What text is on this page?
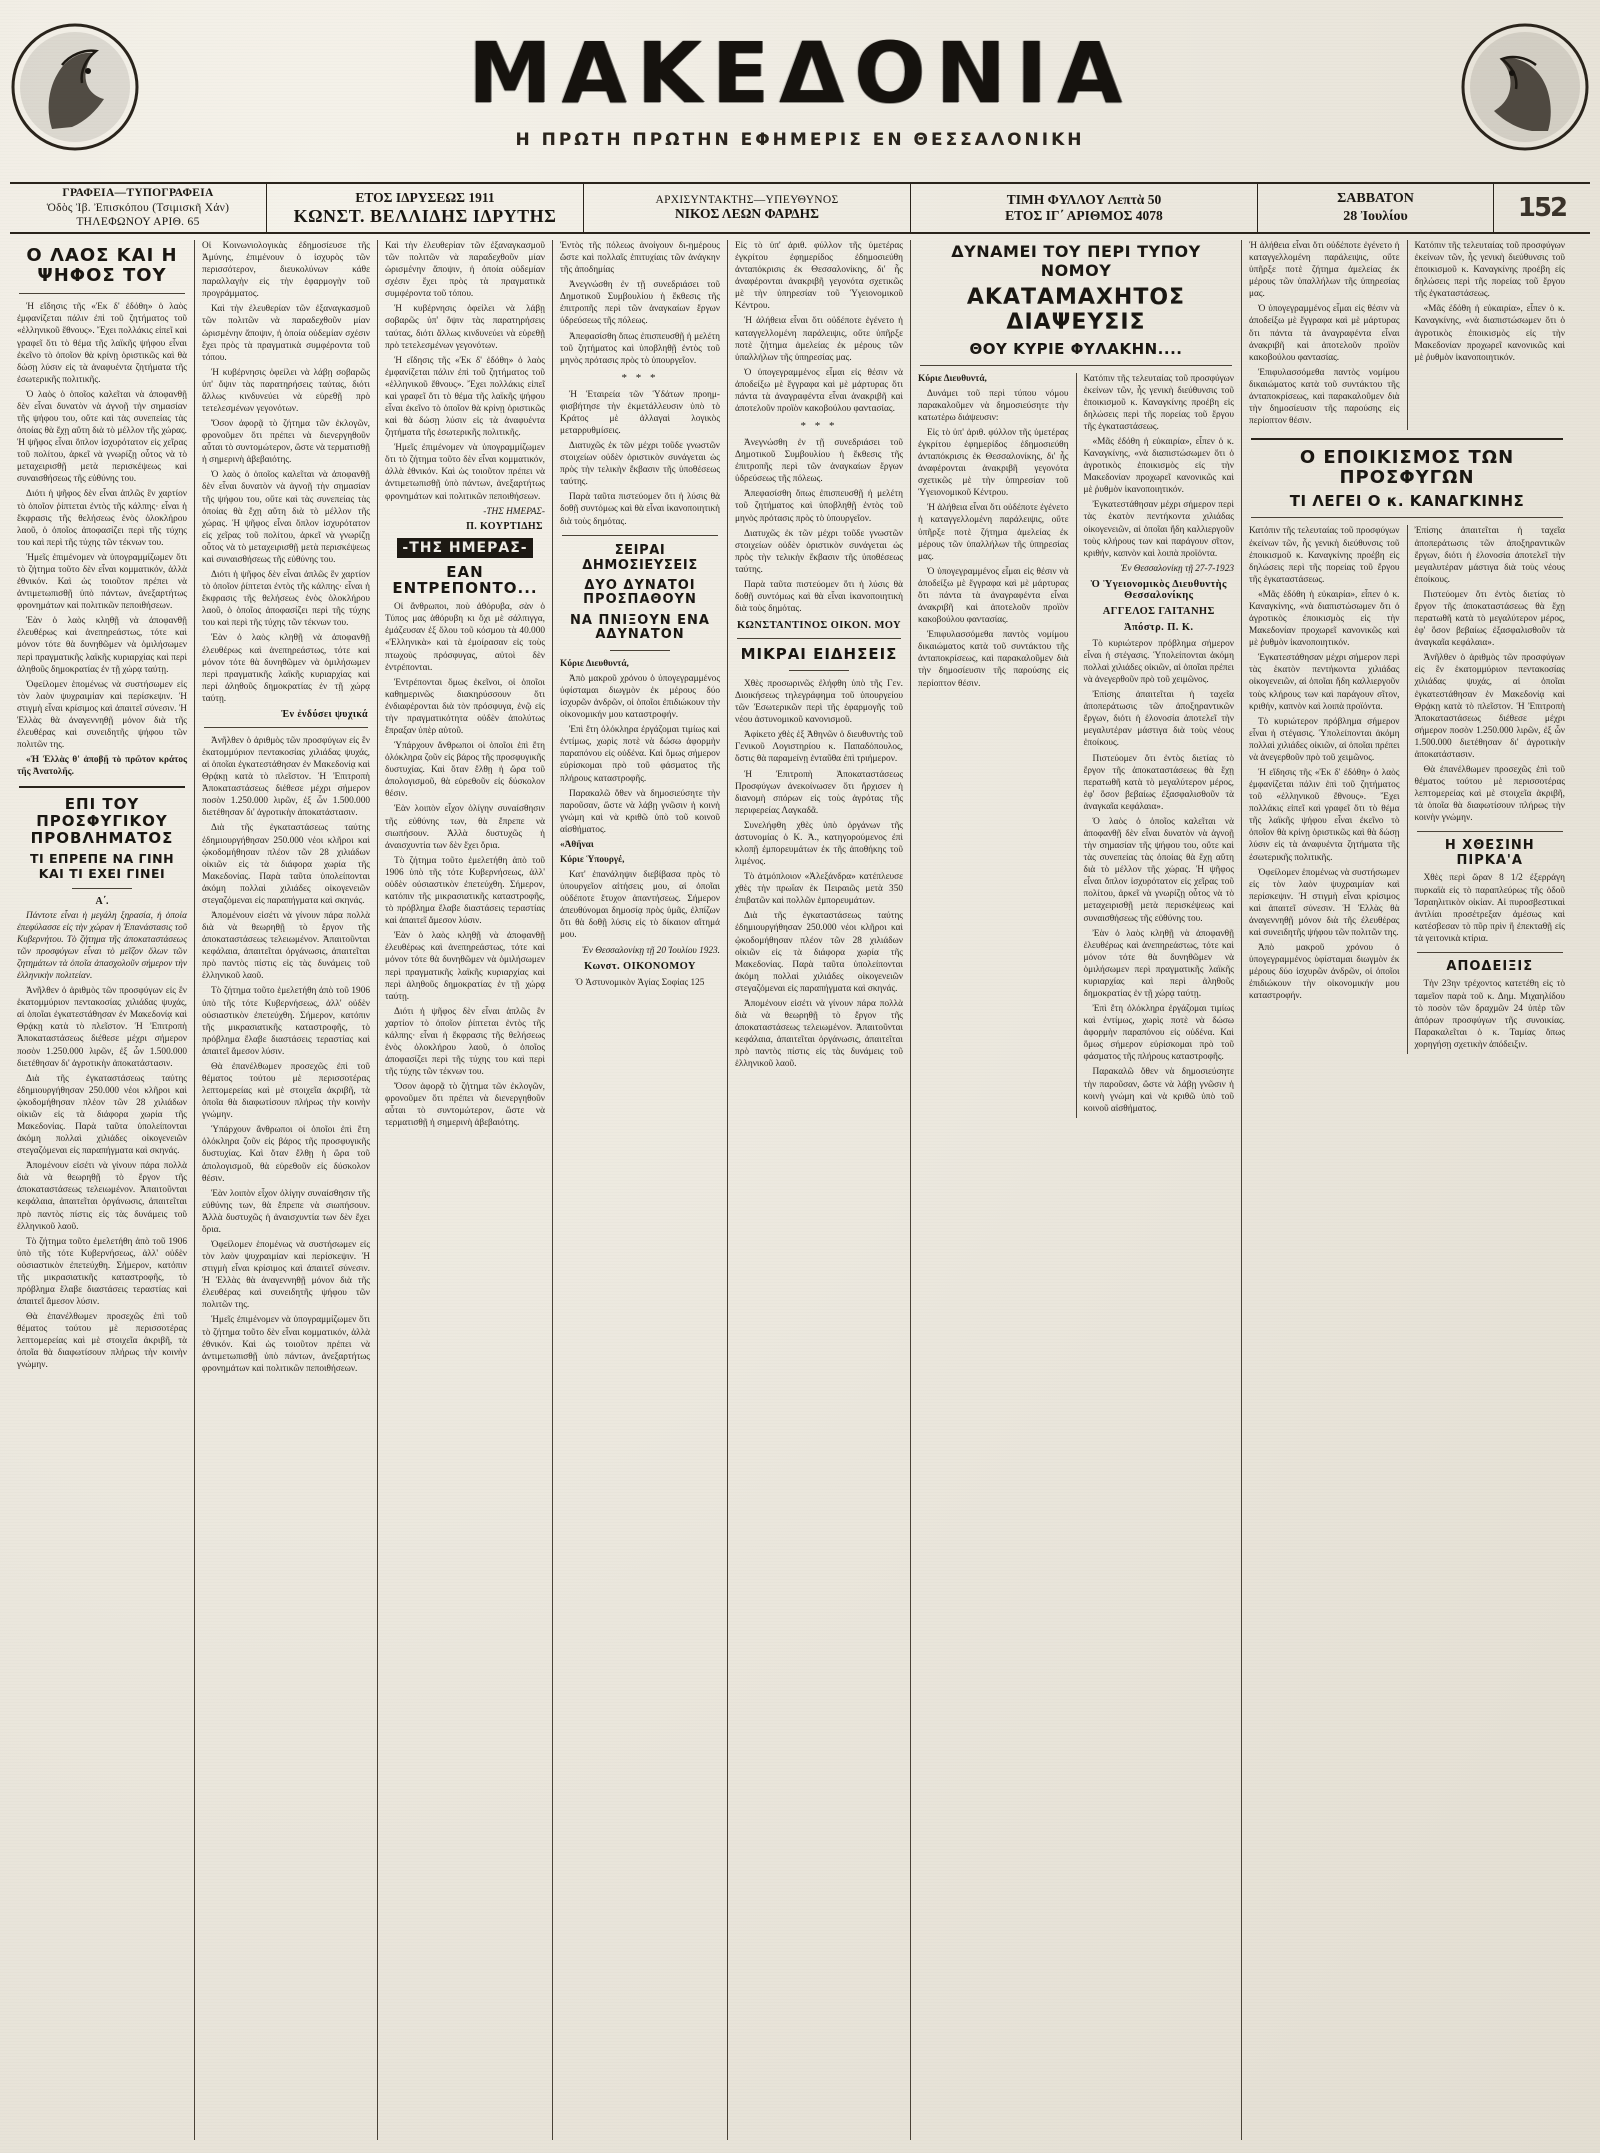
ΜΑΚΕΔΟΝΙΑ
Η ΠΡΩΤΗ ΠΡΩΤΗΝ ΕΦΗΜΕΡΙΣ ΕΝ ΘΕΣΣΑΛΟΝΙΚΗ
ΓΡΑΦΕΙΑ—ΤΥΠΟΓΡΑΦΕΙΑ
Ὁδὸς Ἰβ. Ἐπισκόπου (Τσιμισκῆ Χάν)
ΤΗΛΕΦΩΝΟΥ ΑΡΙΘ. 65
ΕΤΟΣ ΙΔΡΥΣΕΩΣ 1911
ΚΩΝΣΤ. ΒΕΛΛΙΔΗΣ ΙΔΡΥΤΗΣ
ΑΡΧΙΣΥΝΤΑΚΤΗΣ—ΥΠΕΥΘΥΝΟΣ
ΝΙΚΟΣ ΛΕΩΝ ΦΑΡΔΗΣ
ΤΙΜΗ ΦΥΛΛΟΥ Λεπτὰ 50
ΕΤΟΣ ΙΓ΄ ΑΡΙΘΜΟΣ 4078
ΣΑΒΒΑΤΟΝ
28 Ἰουλίου	152
Ο ΛΑΟΣ ΚΑΙ Η ΨΗΦΟΣ ΤΟΥ

Ἡ εἴδησις τῆς «Ἐκ δ' ἐδόθη» ὁ λαὸς ἐμφανίζεται πάλιν ἐπὶ τοῦ ζητήματος τοῦ «ἑλληνικοῦ ἔθνους». Ἔχει πολλάκις εἰπεῖ καὶ γραφεῖ ὅτι τὸ θέμα τῆς λαϊκῆς ψήφου εἶναι ἐκεῖνο τὸ ὁποῖον θὰ κρίνῃ ὁριστικῶς καὶ θὰ δώσῃ λύσιν εἰς τὰ ἀναφυέντα ζητήματα τῆς ἐσωτερικῆς πολιτικῆς.

Ὁ λαὸς ὁ ὁποῖος καλεῖται νὰ ἀποφανθῇ δὲν εἶναι δυνατὸν νὰ ἀγνοῇ τὴν σημασίαν τῆς ψήφου του, οὔτε καὶ τὰς συνεπείας τὰς ὁποίας θὰ ἔχῃ αὕτη διὰ τὸ μέλλον τῆς χώρας. Ἡ ψῆφος εἶναι ὅπλον ἰσχυρότατον εἰς χεῖρας τοῦ πολίτου, ἀρκεῖ νὰ γνωρίζῃ οὗτος νὰ τὸ μεταχειρισθῇ μετὰ περισκέψεως καὶ συναισθήσεως τῆς εὐθύνης του.

Διότι ἡ ψῆφος δὲν εἶναι ἁπλῶς ἓν χαρτίον τὸ ὁποῖον ῥίπτεται ἐντὸς τῆς κάλπης· εἶναι ἡ ἔκφρασις τῆς θελήσεως ἑνὸς ὁλοκλήρου λαοῦ, ὁ ὁποῖος ἀποφασίζει περὶ τῆς τύχης του καὶ περὶ τῆς τύχης τῶν τέκνων του.

Ἡμεῖς ἐπιμένομεν νὰ ὑπογραμμίζωμεν ὅτι τὸ ζήτημα τοῦτο δὲν εἶναι κομματικόν, ἀλλὰ ἐθνικόν. Καὶ ὡς τοιοῦτον πρέπει νὰ ἀντιμετωπισθῇ ὑπὸ πάντων, ἀνεξαρτήτως φρονημάτων καὶ πολιτικῶν πεποιθήσεων.

Ἐὰν ὁ λαὸς κληθῇ νὰ ἀποφανθῇ ἐλευθέρως καὶ ἀνεπηρεάστως, τότε καὶ μόνον τότε θὰ δυνηθῶμεν νὰ ὁμιλήσωμεν περὶ πραγματικῆς λαϊκῆς κυριαρχίας καὶ περὶ ἀληθοῦς δημοκρατίας ἐν τῇ χώρᾳ ταύτῃ.

Ὀφείλομεν ἑπομένως νὰ συστήσωμεν εἰς τὸν λαὸν ψυχραιμίαν καὶ περίσκεψιν. Ἡ στιγμὴ εἶναι κρίσιμος καὶ ἀπαιτεῖ σύνεσιν. Ἡ Ἑλλὰς θὰ ἀναγεννηθῇ μόνον διὰ τῆς ἐλευθέρας καὶ συνειδητῆς ψήφου τῶν πολιτῶν της.

«Ἡ Ἑλλὰς θ' ἀποβῇ τὸ πρῶτον κράτος τῆς Ἀνατολῆς.

ΕΠΙ ΤΟΥ ΠΡΟΣΦΥΓΙΚΟΥ ΠΡΟΒΛΗΜΑΤΟΣ
ΤΙ ΕΠΡΕΠΕ ΝΑ ΓΙΝΗ ΚΑΙ ΤΙ ΕΧΕΙ ΓΙΝΕΙ
Α΄.

Πάντοτε εἶναι ἡ μεγάλη ξηρασία, ἡ ὁποία ἐπεφύλασσε εἰς τὴν χώραν ἡ Ἐπανάστασις τοῦ Κυβερνήτου. Τὸ ζήτημα τῆς ἀποκαταστάσεως τῶν προσφύγων εἶναι τὸ μεῖζον ὅλων τῶν ζητημάτων τὰ ὁποῖα ἀπασχολοῦν σήμερον τὴν ἑλληνικὴν πολιτείαν.

Ἀνῆλθεν ὁ ἀριθμὸς τῶν προσφύγων εἰς ἓν ἑκατομμύριον πεντακοσίας χιλιάδας ψυχάς, αἱ ὁποῖαι ἐγκατεστάθησαν ἐν Μακεδονίᾳ καὶ Θρᾴκῃ κατὰ τὸ πλεῖστον. Ἡ Ἐπιτροπὴ Ἀποκαταστάσεως διέθεσε μέχρι σήμερον ποσὸν 1.250.000 λιρῶν, ἐξ ὧν 1.500.000 διετέθησαν δι' ἀγροτικὴν ἀποκατάστασιν.

Διὰ τῆς ἐγκαταστάσεως ταύτης ἐδημιουργήθησαν 250.000 νέοι κλῆροι καὶ ᾠκοδομήθησαν πλέον τῶν 28 χιλιάδων οἰκιῶν εἰς τὰ διάφορα χωρία τῆς Μακεδονίας. Παρὰ ταῦτα ὑπολείπονται ἀκόμη πολλαὶ χιλιάδες οἰκογενειῶν στεγαζόμεναι εἰς παραπήγματα καὶ σκηνάς.

Ἀπομένουν εἰσέτι νὰ γίνουν πάρα πολλὰ διὰ νὰ θεωρηθῇ τὸ ἔργον τῆς ἀποκαταστάσεως τελειωμένον. Ἀπαιτοῦνται κεφάλαια, ἀπαιτεῖται ὀργάνωσις, ἀπαιτεῖται πρὸ παντὸς πίστις εἰς τὰς δυνάμεις τοῦ ἑλληνικοῦ λαοῦ.

Τὸ ζήτημα τοῦτο ἐμελετήθη ἀπὸ τοῦ 1906 ὑπὸ τῆς τότε Κυβερνήσεως, ἀλλ' οὐδὲν οὐσιαστικὸν ἐπετεύχθη. Σήμερον, κατόπιν τῆς μικρασιατικῆς καταστροφῆς, τὸ πρόβλημα ἔλαβε διαστάσεις τεραστίας καὶ ἀπαιτεῖ ἄμεσον λύσιν.

Θὰ ἐπανέλθωμεν προσεχῶς ἐπὶ τοῦ θέματος τούτου μὲ περισσοτέρας λεπτομερείας καὶ μὲ στοιχεῖα ἀκριβῆ, τὰ ὁποῖα θὰ διαφωτίσουν πλήρως τὴν κοινὴν γνώμην.

Οἱ Κοινωνιολογικὰς ἐδημοσίευσε τῆς Ἀμύνης, ἐπιμένουν ὁ ἰσχυρὸς τῶν περισσότερον, διευκολύνων κάθε παραλλαγὴν εἰς τὴν ἐφαρμογὴν τοῦ προγράμματος.

Καὶ τὴν ἐλευθερίαν τῶν ἐξαναγκασμοῦ τῶν πολιτῶν νὰ παραδεχθοῦν μίαν ὡρισμένην ἄποψιν, ἡ ὁποία οὐδεμίαν σχέσιν ἔχει πρὸς τὰ πραγματικὰ συμφέροντα τοῦ τόπου.

Ἡ κυβέρνησις ὀφείλει νὰ λάβῃ σοβαρῶς ὑπ' ὄψιν τὰς παρατηρήσεις ταύτας, διότι ἄλλως κινδυνεύει νὰ εὑρεθῇ πρὸ τετελεσμένων γεγονότων.

Ὅσον ἀφορᾷ τὸ ζήτημα τῶν ἐκλογῶν, φρονοῦμεν ὅτι πρέπει νὰ διενεργηθοῦν αὗται τὸ συντομώτερον, ὥστε νὰ τερματισθῇ ἡ σημερινὴ ἀβεβαιότης.

Ὁ λαὸς ὁ ὁποῖος καλεῖται νὰ ἀποφανθῇ δὲν εἶναι δυνατὸν νὰ ἀγνοῇ τὴν σημασίαν τῆς ψήφου του, οὔτε καὶ τὰς συνεπείας τὰς ὁποίας θὰ ἔχῃ αὕτη διὰ τὸ μέλλον τῆς χώρας. Ἡ ψῆφος εἶναι ὅπλον ἰσχυρότατον εἰς χεῖρας τοῦ πολίτου, ἀρκεῖ νὰ γνωρίζῃ οὗτος νὰ τὸ μεταχειρισθῇ μετὰ περισκέψεως καὶ συναισθήσεως τῆς εὐθύνης του.

Διότι ἡ ψῆφος δὲν εἶναι ἁπλῶς ἓν χαρτίον τὸ ὁποῖον ῥίπτεται ἐντὸς τῆς κάλπης· εἶναι ἡ ἔκφρασις τῆς θελήσεως ἑνὸς ὁλοκλήρου λαοῦ, ὁ ὁποῖος ἀποφασίζει περὶ τῆς τύχης του καὶ περὶ τῆς τύχης τῶν τέκνων του.

Ἐὰν ὁ λαὸς κληθῇ νὰ ἀποφανθῇ ἐλευθέρως καὶ ἀνεπηρεάστως, τότε καὶ μόνον τότε θὰ δυνηθῶμεν νὰ ὁμιλήσωμεν περὶ πραγματικῆς λαϊκῆς κυριαρχίας καὶ περὶ ἀληθοῦς δημοκρατίας ἐν τῇ χώρᾳ ταύτῃ.

Ἐν ἐνδύσει ψυχικά

Ἀνῆλθεν ὁ ἀριθμὸς τῶν προσφύγων εἰς ἓν ἑκατομμύριον πεντακοσίας χιλιάδας ψυχάς, αἱ ὁποῖαι ἐγκατεστάθησαν ἐν Μακεδονίᾳ καὶ Θρᾴκῃ κατὰ τὸ πλεῖστον. Ἡ Ἐπιτροπὴ Ἀποκαταστάσεως διέθεσε μέχρι σήμερον ποσὸν 1.250.000 λιρῶν, ἐξ ὧν 1.500.000 διετέθησαν δι' ἀγροτικὴν ἀποκατάστασιν.

Διὰ τῆς ἐγκαταστάσεως ταύτης ἐδημιουργήθησαν 250.000 νέοι κλῆροι καὶ ᾠκοδομήθησαν πλέον τῶν 28 χιλιάδων οἰκιῶν εἰς τὰ διάφορα χωρία τῆς Μακεδονίας. Παρὰ ταῦτα ὑπολείπονται ἀκόμη πολλαὶ χιλιάδες οἰκογενειῶν στεγαζόμεναι εἰς παραπήγματα καὶ σκηνάς.

Ἀπομένουν εἰσέτι νὰ γίνουν πάρα πολλὰ διὰ νὰ θεωρηθῇ τὸ ἔργον τῆς ἀποκαταστάσεως τελειωμένον. Ἀπαιτοῦνται κεφάλαια, ἀπαιτεῖται ὀργάνωσις, ἀπαιτεῖται πρὸ παντὸς πίστις εἰς τὰς δυνάμεις τοῦ ἑλληνικοῦ λαοῦ.

Τὸ ζήτημα τοῦτο ἐμελετήθη ἀπὸ τοῦ 1906 ὑπὸ τῆς τότε Κυβερνήσεως, ἀλλ' οὐδὲν οὐσιαστικὸν ἐπετεύχθη. Σήμερον, κατόπιν τῆς μικρασιατικῆς καταστροφῆς, τὸ πρόβλημα ἔλαβε διαστάσεις τεραστίας καὶ ἀπαιτεῖ ἄμεσον λύσιν.

Θὰ ἐπανέλθωμεν προσεχῶς ἐπὶ τοῦ θέματος τούτου μὲ περισσοτέρας λεπτομερείας καὶ μὲ στοιχεῖα ἀκριβῆ, τὰ ὁποῖα θὰ διαφωτίσουν πλήρως τὴν κοινὴν γνώμην.

Ὑπάρχουν ἄνθρωποι οἱ ὁποῖοι ἐπὶ ἔτη ὁλόκληρα ζοῦν εἰς βάρος τῆς προσφυγικῆς δυστυχίας. Καὶ ὅταν ἔλθῃ ἡ ὥρα τοῦ ἀπολογισμοῦ, θὰ εὑρεθοῦν εἰς δύσκολον θέσιν.

Ἐὰν λοιπὸν εἶχον ὀλίγην συναίσθησιν τῆς εὐθύνης των, θὰ ἔπρεπε νὰ σιωπήσουν. Ἀλλὰ δυστυχῶς ἡ ἀναισχυντία των δὲν ἔχει ὅρια.

Ὀφείλομεν ἑπομένως νὰ συστήσωμεν εἰς τὸν λαὸν ψυχραιμίαν καὶ περίσκεψιν. Ἡ στιγμὴ εἶναι κρίσιμος καὶ ἀπαιτεῖ σύνεσιν. Ἡ Ἑλλὰς θὰ ἀναγεννηθῇ μόνον διὰ τῆς ἐλευθέρας καὶ συνειδητῆς ψήφου τῶν πολιτῶν της.

Ἡμεῖς ἐπιμένομεν νὰ ὑπογραμμίζωμεν ὅτι τὸ ζήτημα τοῦτο δὲν εἶναι κομματικόν, ἀλλὰ ἐθνικόν. Καὶ ὡς τοιοῦτον πρέπει νὰ ἀντιμετωπισθῇ ὑπὸ πάντων, ἀνεξαρτήτως φρονημάτων καὶ πολιτικῶν πεποιθήσεων.

Καὶ τὴν ἐλευθερίαν τῶν ἐξαναγκασμοῦ τῶν πολιτῶν νὰ παραδεχθοῦν μίαν ὡρισμένην ἄποψιν, ἡ ὁποία οὐδεμίαν σχέσιν ἔχει πρὸς τὰ πραγματικὰ συμφέροντα τοῦ τόπου.

Ἡ κυβέρνησις ὀφείλει νὰ λάβῃ σοβαρῶς ὑπ' ὄψιν τὰς παρατηρήσεις ταύτας, διότι ἄλλως κινδυνεύει νὰ εὑρεθῇ πρὸ τετελεσμένων γεγονότων.

Ἡ εἴδησις τῆς «Ἐκ δ' ἐδόθη» ὁ λαὸς ἐμφανίζεται πάλιν ἐπὶ τοῦ ζητήματος τοῦ «ἑλληνικοῦ ἔθνους». Ἔχει πολλάκις εἰπεῖ καὶ γραφεῖ ὅτι τὸ θέμα τῆς λαϊκῆς ψήφου εἶναι ἐκεῖνο τὸ ὁποῖον θὰ κρίνῃ ὁριστικῶς καὶ θὰ δώσῃ λύσιν εἰς τὰ ἀναφυέντα ζητήματα τῆς ἐσωτερικῆς πολιτικῆς.

Ἡμεῖς ἐπιμένομεν νὰ ὑπογραμμίζωμεν ὅτι τὸ ζήτημα τοῦτο δὲν εἶναι κομματικόν, ἀλλὰ ἐθνικόν. Καὶ ὡς τοιοῦτον πρέπει νὰ ἀντιμετωπισθῇ ὑπὸ πάντων, ἀνεξαρτήτως φρονημάτων καὶ πολιτικῶν πεποιθήσεων.

-ΤΗΣ ΗΜΕΡΑΣ-
Π. ΚΟΥΡΤΙΔΗΣ
-ΤΗΣ ΗΜΕΡΑΣ-
ΕΑΝ ΕΝΤΡΕΠΟΝΤΟ...

Οἱ ἄνθρωποι, ποὺ ἀθόρυβα, σὰν ὁ Τύπος μας ἀθόρυβη κι ὄχι μὲ σάλπιγγα, ἐμάζευσαν ἐξ ὅλου τοῦ κόσμου τὰ 40.000 «Ἑλληνικὰ» καὶ τὰ ἐμοίρασαν εἰς τοὺς πτωχοὺς πρόσφυγας, αὐτοὶ δὲν ἐντρέπονται.

Ἐντρέπονται ὅμως ἐκεῖνοι, οἱ ὁποῖοι καθημερινῶς διακηρύσσουν ὅτι ἐνδιαφέρονται διὰ τὸν πρόσφυγα, ἐνῷ εἰς τὴν πραγματικότητα οὐδὲν ἀπολύτως ἔπραξαν ὑπὲρ αὐτοῦ.

Ὑπάρχουν ἄνθρωποι οἱ ὁποῖοι ἐπὶ ἔτη ὁλόκληρα ζοῦν εἰς βάρος τῆς προσφυγικῆς δυστυχίας. Καὶ ὅταν ἔλθῃ ἡ ὥρα τοῦ ἀπολογισμοῦ, θὰ εὑρεθοῦν εἰς δύσκολον θέσιν.

Ἐὰν λοιπὸν εἶχον ὀλίγην συναίσθησιν τῆς εὐθύνης των, θὰ ἔπρεπε νὰ σιωπήσουν. Ἀλλὰ δυστυχῶς ἡ ἀναισχυντία των δὲν ἔχει ὅρια.

Τὸ ζήτημα τοῦτο ἐμελετήθη ἀπὸ τοῦ 1906 ὑπὸ τῆς τότε Κυβερνήσεως, ἀλλ' οὐδὲν οὐσιαστικὸν ἐπετεύχθη. Σήμερον, κατόπιν τῆς μικρασιατικῆς καταστροφῆς, τὸ πρόβλημα ἔλαβε διαστάσεις τεραστίας καὶ ἀπαιτεῖ ἄμεσον λύσιν.

Ἐὰν ὁ λαὸς κληθῇ νὰ ἀποφανθῇ ἐλευθέρως καὶ ἀνεπηρεάστως, τότε καὶ μόνον τότε θὰ δυνηθῶμεν νὰ ὁμιλήσωμεν περὶ πραγματικῆς λαϊκῆς κυριαρχίας καὶ περὶ ἀληθοῦς δημοκρατίας ἐν τῇ χώρᾳ ταύτῃ.

Διότι ἡ ψῆφος δὲν εἶναι ἁπλῶς ἓν χαρτίον τὸ ὁποῖον ῥίπτεται ἐντὸς τῆς κάλπης· εἶναι ἡ ἔκφρασις τῆς θελήσεως ἑνὸς ὁλοκλήρου λαοῦ, ὁ ὁποῖος ἀποφασίζει περὶ τῆς τύχης του καὶ περὶ τῆς τύχης τῶν τέκνων του.

Ὅσον ἀφορᾷ τὸ ζήτημα τῶν ἐκλογῶν, φρονοῦμεν ὅτι πρέπει νὰ διενεργηθοῦν αὗται τὸ συντομώτερον, ὥστε νὰ τερματισθῇ ἡ σημερινὴ ἀβεβαιότης.

Ἐντὸς τῆς πόλεως ἀνοίγουν δι-ημέρους ὥστε καὶ πολλαῖς ἐπιτυχίαις τῶν ἀνάγκην τῆς ἀποδημίας

Ἀνεγνώσθη ἐν τῇ συνεδριάσει τοῦ Δημοτικοῦ Συμβουλίου ἡ ἔκθεσις τῆς ἐπιτροπῆς περὶ τῶν ἀναγκαίων ἔργων ὑδρεύσεως τῆς πόλεως.

Ἀπεφασίσθη ὅπως ἐπισπευσθῇ ἡ μελέτη τοῦ ζητήματος καὶ ὑποβληθῇ ἐντὸς τοῦ μηνὸς πρότασις πρὸς τὸ ὑπουργεῖον.

* * *

Ἡ Ἑταιρεία τῶν Ὑδάτων προημ-φισβήτησε τὴν ἐκμετάλλευσιν ὑπὸ τὸ Κράτος μὲ ἀλλαγαὶ λογικὸς μεταρρυθμίσεις.

Διατυχῶς ἐκ τῶν μέχρι τοῦδε γνωστῶν στοιχείων οὐδὲν ὁριστικὸν συνάγεται ὡς πρὸς τὴν τελικὴν ἔκβασιν τῆς ὑποθέσεως ταύτης.

Παρὰ ταῦτα πιστεύομεν ὅτι ἡ λύσις θὰ δοθῇ συντόμως καὶ θὰ εἶναι ἱκανοποιητικὴ διὰ τοὺς δημότας.

ΣΕΙΡΑΙ ΔΗΜΟΣΙΕΥΣΕΙΣ
ΔΥΟ ΔΥΝΑΤΟΙ ΠΡΟΣΠΑΘΟΥΝ
ΝΑ ΠΝΙΞΟΥΝ ΕΝΑ ΑΔΥΝΑΤΟΝ

Κύριε Διευθυντά,

Ἀπὸ μακροῦ χρόνου ὁ ὑπογεγραμμένος ὑφίσταμαι διωγμὸν ἐκ μέρους δύο ἰσχυρῶν ἀνδρῶν, οἱ ὁποῖοι ἐπιδιώκουν τὴν οἰκονομικήν μου καταστροφήν.

Ἐπὶ ἔτη ὁλόκληρα ἐργάζομαι τιμίως καὶ ἐντίμως, χωρὶς ποτὲ νὰ δώσω ἀφορμὴν παραπόνου εἰς οὐδένα. Καὶ ὅμως σήμερον εὑρίσκομαι πρὸ τοῦ φάσματος τῆς πλήρους καταστροφῆς.

Παρακαλῶ ὅθεν νὰ δημοσιεύσητε τὴν παροῦσαν, ὥστε νὰ λάβῃ γνῶσιν ἡ κοινὴ γνώμη καὶ νὰ κριθῶ ὑπὸ τοῦ κοινοῦ αἰσθήματος.

«Ἀθῆναι

Κύριε Ὑπουργέ,

Κατ' ἐπανάληψιν διεβίβασα πρὸς τὸ ὑπουργεῖον αἰτήσεις μου, αἱ ὁποῖαι οὐδέποτε ἔτυχον ἀπαντήσεως. Σήμερον ἀπευθύνομαι δημοσίᾳ πρὸς ὑμᾶς, ἐλπίζων ὅτι θὰ δοθῇ λύσις εἰς τὸ δίκαιον αἴτημά μου.

Ἐν Θεσσαλονίκῃ τῇ 20 Ἰουλίου 1923.
Κωνστ. ΟΙΚΟΝΟΜΟΥ
Ὁ Ἀστυνομικὸν Ἁγίας Σοφίας 125

Εἰς τὸ ὑπ' ἀριθ. φύλλον τῆς ὑμετέρας ἐγκρίτου ἐφημερίδος ἐδημοσιεύθη ἀνταπόκρισις ἐκ Θεσσαλονίκης, δι' ἧς ἀναφέρονται ἀνακριβῆ γεγονότα σχετικῶς μὲ τὴν ὑπηρεσίαν τοῦ Ὑγειονομικοῦ Κέντρου.

Ἡ ἀλήθεια εἶναι ὅτι οὐδέποτε ἐγένετο ἡ καταγγελλομένη παράλειψις, οὔτε ὑπῆρξε ποτὲ ζήτημα ἀμελείας ἐκ μέρους τῶν ὑπαλλήλων τῆς ὑπηρεσίας μας.

Ὁ ὑπογεγραμμένος εἶμαι εἰς θέσιν νὰ ἀποδείξω μὲ ἔγγραφα καὶ μὲ μάρτυρας ὅτι πάντα τὰ ἀναγραφέντα εἶναι ἀνακριβῆ καὶ ἀποτελοῦν προϊὸν κακοβούλου φαντασίας.

* * *

Ἀνεγνώσθη ἐν τῇ συνεδριάσει τοῦ Δημοτικοῦ Συμβουλίου ἡ ἔκθεσις τῆς ἐπιτροπῆς περὶ τῶν ἀναγκαίων ἔργων ὑδρεύσεως τῆς πόλεως.

Ἀπεφασίσθη ὅπως ἐπισπευσθῇ ἡ μελέτη τοῦ ζητήματος καὶ ὑποβληθῇ ἐντὸς τοῦ μηνὸς πρότασις πρὸς τὸ ὑπουργεῖον.

Διατυχῶς ἐκ τῶν μέχρι τοῦδε γνωστῶν στοιχείων οὐδὲν ὁριστικὸν συνάγεται ὡς πρὸς τὴν τελικὴν ἔκβασιν τῆς ὑποθέσεως ταύτης.

Παρὰ ταῦτα πιστεύομεν ὅτι ἡ λύσις θὰ δοθῇ συντόμως καὶ θὰ εἶναι ἱκανοποιητικὴ διὰ τοὺς δημότας.

ΚΩΝΣΤΑΝΤΙΝΟΣ ΟΙΚΟΝ. ΜΟΥ
ΜΙΚΡΑΙ ΕΙΔΗΣΕΙΣ

Χθὲς προσωρινῶς ἐλήφθη ὑπὸ τῆς Γεν. Διοικήσεως τηλεγράφημα τοῦ ὑπουργείου τῶν Ἐσωτερικῶν περὶ τῆς ἐφαρμογῆς τοῦ νέου ἀστυνομικοῦ κανονισμοῦ.

Ἀφίκετο χθὲς ἐξ Ἀθηνῶν ὁ διευθυντὴς τοῦ Γενικοῦ Λογιστηρίου κ. Παπαδόπουλος, ὅστις θὰ παραμείνῃ ἐνταῦθα ἐπὶ τριήμερον.

Ἡ Ἐπιτροπὴ Ἀποκαταστάσεως Προσφύγων ἀνεκοίνωσεν ὅτι ἤρχισεν ἡ διανομὴ σπόρων εἰς τοὺς ἀγρότας τῆς περιφερείας Λαγκαδᾶ.

Συνελήφθη χθὲς ὑπὸ ὀργάνων τῆς ἀστυνομίας ὁ Κ. Ἀ., κατηγορούμενος ἐπὶ κλοπῇ ἐμπορευμάτων ἐκ τῆς ἀποθήκης τοῦ λιμένος.

Τὸ ἀτμόπλοιον «Ἀλεξάνδρα» κατέπλευσε χθὲς τὴν πρωΐαν ἐκ Πειραιῶς μετὰ 350 ἐπιβατῶν καὶ πολλῶν ἐμπορευμάτων.

Διὰ τῆς ἐγκαταστάσεως ταύτης ἐδημιουργήθησαν 250.000 νέοι κλῆροι καὶ ᾠκοδομήθησαν πλέον τῶν 28 χιλιάδων οἰκιῶν εἰς τὰ διάφορα χωρία τῆς Μακεδονίας. Παρὰ ταῦτα ὑπολείπονται ἀκόμη πολλαὶ χιλιάδες οἰκογενειῶν στεγαζόμεναι εἰς παραπήγματα καὶ σκηνάς.

Ἀπομένουν εἰσέτι νὰ γίνουν πάρα πολλὰ διὰ νὰ θεωρηθῇ τὸ ἔργον τῆς ἀποκαταστάσεως τελειωμένον. Ἀπαιτοῦνται κεφάλαια, ἀπαιτεῖται ὀργάνωσις, ἀπαιτεῖται πρὸ παντὸς πίστις εἰς τὰς δυνάμεις τοῦ ἑλληνικοῦ λαοῦ.

ΔΥΝΑΜΕΙ ΤΟΥ ΠΕΡΙ ΤΥΠΟΥ ΝΟΜΟΥ
ΑΚΑΤΑΜΑΧΗΤΟΣ ΔΙΑΨΕΥΣΙΣ
ΘΟΥ ΚΥΡΙΕ ΦΥΛΑΚΗΝ....

Κύριε Διευθυντά,

Δυνάμει τοῦ περὶ τύπου νόμου παρακαλοῦμεν νὰ δημοσιεύσητε τὴν κατωτέρω διάψευσιν:

Εἰς τὸ ὑπ' ἀριθ. φύλλον τῆς ὑμετέρας ἐγκρίτου ἐφημερίδος ἐδημοσιεύθη ἀνταπόκρισις ἐκ Θεσσαλονίκης, δι' ἧς ἀναφέρονται ἀνακριβῆ γεγονότα σχετικῶς μὲ τὴν ὑπηρεσίαν τοῦ Ὑγειονομικοῦ Κέντρου.

Ἡ ἀλήθεια εἶναι ὅτι οὐδέποτε ἐγένετο ἡ καταγγελλομένη παράλειψις, οὔτε ὑπῆρξε ποτὲ ζήτημα ἀμελείας ἐκ μέρους τῶν ὑπαλλήλων τῆς ὑπηρεσίας μας.

Ὁ ὑπογεγραμμένος εἶμαι εἰς θέσιν νὰ ἀποδείξω μὲ ἔγγραφα καὶ μὲ μάρτυρας ὅτι πάντα τὰ ἀναγραφέντα εἶναι ἀνακριβῆ καὶ ἀποτελοῦν προϊὸν κακοβούλου φαντασίας.

Ἐπιφυλασσόμεθα παντὸς νομίμου δικαιώματος κατὰ τοῦ συντάκτου τῆς ἀνταποκρίσεως, καὶ παρακαλοῦμεν διὰ τὴν δημοσίευσιν τῆς παρούσης εἰς περίοπτον θέσιν.

Κατόπιν τῆς τελευταίας τοῦ προσφύγων ἐκείνων τῶν, ἧς γενικὴ διεύθυνσις τοῦ ἐποικισμοῦ κ. Καναγκίνης προέβη εἰς δηλώσεις περὶ τῆς πορείας τοῦ ἔργου τῆς ἐγκαταστάσεως.

«Μᾶς ἐδόθη ἡ εὐκαιρία», εἶπεν ὁ κ. Καναγκίνης, «νὰ διαπιστώσωμεν ὅτι ὁ ἀγροτικὸς ἐποικισμὸς εἰς τὴν Μακεδονίαν προχωρεῖ κανονικῶς καὶ μὲ ῥυθμὸν ἱκανοποιητικόν.

Ἐγκατεστάθησαν μέχρι σήμερον περὶ τὰς ἑκατὸν πεντήκοντα χιλιάδας οἰκογενειῶν, αἱ ὁποῖαι ἤδη καλλιεργοῦν τοὺς κλήρους των καὶ παράγουν σῖτον, κριθήν, καπνὸν καὶ λοιπὰ προϊόντα.

Ἐν Θεσσαλονίκῃ τῇ 27-7-1923
Ὁ Ὑγειονομικὸς Διευθυντὴς Θεσσαλονίκης
ΑΓΓΕΛΟΣ ΓΑΙΤΑΝΗΣ
Ἀπόστρ. Π. Κ.

Τὸ κυριώτερον πρόβλημα σήμερον εἶναι ἡ στέγασις. Ὑπολείπονται ἀκόμη πολλαὶ χιλιάδες οἰκιῶν, αἱ ὁποῖαι πρέπει νὰ ἀνεγερθοῦν πρὸ τοῦ χειμῶνος.

Ἐπίσης ἀπαιτεῖται ἡ ταχεῖα ἀποπεράτωσις τῶν ἀποξηραντικῶν ἔργων, διότι ἡ ἑλονοσία ἀποτελεῖ τὴν μεγαλυτέραν μάστιγα διὰ τοὺς νέους ἐποίκους.

Πιστεύομεν ὅτι ἐντὸς διετίας τὸ ἔργον τῆς ἀποκαταστάσεως θὰ ἔχῃ περατωθῆ κατὰ τὸ μεγαλύτερον μέρος, ἐφ' ὅσον βεβαίως ἐξασφαλισθοῦν τὰ ἀναγκαῖα κεφάλαια».

Ὁ λαὸς ὁ ὁποῖος καλεῖται νὰ ἀποφανθῇ δὲν εἶναι δυνατὸν νὰ ἀγνοῇ τὴν σημασίαν τῆς ψήφου του, οὔτε καὶ τὰς συνεπείας τὰς ὁποίας θὰ ἔχῃ αὕτη διὰ τὸ μέλλον τῆς χώρας. Ἡ ψῆφος εἶναι ὅπλον ἰσχυρότατον εἰς χεῖρας τοῦ πολίτου, ἀρκεῖ νὰ γνωρίζῃ οὗτος νὰ τὸ μεταχειρισθῇ μετὰ περισκέψεως καὶ συναισθήσεως τῆς εὐθύνης του.

Ἐὰν ὁ λαὸς κληθῇ νὰ ἀποφανθῇ ἐλευθέρως καὶ ἀνεπηρεάστως, τότε καὶ μόνον τότε θὰ δυνηθῶμεν νὰ ὁμιλήσωμεν περὶ πραγματικῆς λαϊκῆς κυριαρχίας καὶ περὶ ἀληθοῦς δημοκρατίας ἐν τῇ χώρᾳ ταύτῃ.

Ἐπὶ ἔτη ὁλόκληρα ἐργάζομαι τιμίως καὶ ἐντίμως, χωρὶς ποτὲ νὰ δώσω ἀφορμὴν παραπόνου εἰς οὐδένα. Καὶ ὅμως σήμερον εὑρίσκομαι πρὸ τοῦ φάσματος τῆς πλήρους καταστροφῆς.

Παρακαλῶ ὅθεν νὰ δημοσιεύσητε τὴν παροῦσαν, ὥστε νὰ λάβῃ γνῶσιν ἡ κοινὴ γνώμη καὶ νὰ κριθῶ ὑπὸ τοῦ κοινοῦ αἰσθήματος.

Ἡ ἀλήθεια εἶναι ὅτι οὐδέποτε ἐγένετο ἡ καταγγελλομένη παράλειψις, οὔτε ὑπῆρξε ποτὲ ζήτημα ἀμελείας ἐκ μέρους τῶν ὑπαλλήλων τῆς ὑπηρεσίας μας.

Ὁ ὑπογεγραμμένος εἶμαι εἰς θέσιν νὰ ἀποδείξω μὲ ἔγγραφα καὶ μὲ μάρτυρας ὅτι πάντα τὰ ἀναγραφέντα εἶναι ἀνακριβῆ καὶ ἀποτελοῦν προϊὸν κακοβούλου φαντασίας.

Ἐπιφυλασσόμεθα παντὸς νομίμου δικαιώματος κατὰ τοῦ συντάκτου τῆς ἀνταποκρίσεως, καὶ παρακαλοῦμεν διὰ τὴν δημοσίευσιν τῆς παρούσης εἰς περίοπτον θέσιν.

Κατόπιν τῆς τελευταίας τοῦ προσφύγων ἐκείνων τῶν, ἧς γενικὴ διεύθυνσις τοῦ ἐποικισμοῦ κ. Καναγκίνης προέβη εἰς δηλώσεις περὶ τῆς πορείας τοῦ ἔργου τῆς ἐγκαταστάσεως.

«Μᾶς ἐδόθη ἡ εὐκαιρία», εἶπεν ὁ κ. Καναγκίνης, «νὰ διαπιστώσωμεν ὅτι ὁ ἀγροτικὸς ἐποικισμὸς εἰς τὴν Μακεδονίαν προχωρεῖ κανονικῶς καὶ μὲ ῥυθμὸν ἱκανοποιητικόν.

Ο ΕΠΟΙΚΙΣΜΟΣ ΤΩΝ ΠΡΟΣΦΥΓΩΝ
ΤΙ ΛΕΓΕΙ Ο κ. ΚΑΝΑΓΚΙΝΗΣ

Κατόπιν τῆς τελευταίας τοῦ προσφύγων ἐκείνων τῶν, ἧς γενικὴ διεύθυνσις τοῦ ἐποικισμοῦ κ. Καναγκίνης προέβη εἰς δηλώσεις περὶ τῆς πορείας τοῦ ἔργου τῆς ἐγκαταστάσεως.

«Μᾶς ἐδόθη ἡ εὐκαιρία», εἶπεν ὁ κ. Καναγκίνης, «νὰ διαπιστώσωμεν ὅτι ὁ ἀγροτικὸς ἐποικισμὸς εἰς τὴν Μακεδονίαν προχωρεῖ κανονικῶς καὶ μὲ ῥυθμὸν ἱκανοποιητικόν.

Ἐγκατεστάθησαν μέχρι σήμερον περὶ τὰς ἑκατὸν πεντήκοντα χιλιάδας οἰκογενειῶν, αἱ ὁποῖαι ἤδη καλλιεργοῦν τοὺς κλήρους των καὶ παράγουν σῖτον, κριθήν, καπνὸν καὶ λοιπὰ προϊόντα.

Τὸ κυριώτερον πρόβλημα σήμερον εἶναι ἡ στέγασις. Ὑπολείπονται ἀκόμη πολλαὶ χιλιάδες οἰκιῶν, αἱ ὁποῖαι πρέπει νὰ ἀνεγερθοῦν πρὸ τοῦ χειμῶνος.

Ἡ εἴδησις τῆς «Ἐκ δ' ἐδόθη» ὁ λαὸς ἐμφανίζεται πάλιν ἐπὶ τοῦ ζητήματος τοῦ «ἑλληνικοῦ ἔθνους». Ἔχει πολλάκις εἰπεῖ καὶ γραφεῖ ὅτι τὸ θέμα τῆς λαϊκῆς ψήφου εἶναι ἐκεῖνο τὸ ὁποῖον θὰ κρίνῃ ὁριστικῶς καὶ θὰ δώσῃ λύσιν εἰς τὰ ἀναφυέντα ζητήματα τῆς ἐσωτερικῆς πολιτικῆς.

Ὀφείλομεν ἑπομένως νὰ συστήσωμεν εἰς τὸν λαὸν ψυχραιμίαν καὶ περίσκεψιν. Ἡ στιγμὴ εἶναι κρίσιμος καὶ ἀπαιτεῖ σύνεσιν. Ἡ Ἑλλὰς θὰ ἀναγεννηθῇ μόνον διὰ τῆς ἐλευθέρας καὶ συνειδητῆς ψήφου τῶν πολιτῶν της.

Ἀπὸ μακροῦ χρόνου ὁ ὑπογεγραμμένος ὑφίσταμαι διωγμὸν ἐκ μέρους δύο ἰσχυρῶν ἀνδρῶν, οἱ ὁποῖοι ἐπιδιώκουν τὴν οἰκονομικήν μου καταστροφήν.

Ἐπίσης ἀπαιτεῖται ἡ ταχεῖα ἀποπεράτωσις τῶν ἀποξηραντικῶν ἔργων, διότι ἡ ἑλονοσία ἀποτελεῖ τὴν μεγαλυτέραν μάστιγα διὰ τοὺς νέους ἐποίκους.

Πιστεύομεν ὅτι ἐντὸς διετίας τὸ ἔργον τῆς ἀποκαταστάσεως θὰ ἔχῃ περατωθῆ κατὰ τὸ μεγαλύτερον μέρος, ἐφ' ὅσον βεβαίως ἐξασφαλισθοῦν τὰ ἀναγκαῖα κεφάλαια».

Ἀνῆλθεν ὁ ἀριθμὸς τῶν προσφύγων εἰς ἓν ἑκατομμύριον πεντακοσίας χιλιάδας ψυχάς, αἱ ὁποῖαι ἐγκατεστάθησαν ἐν Μακεδονίᾳ καὶ Θρᾴκῃ κατὰ τὸ πλεῖστον. Ἡ Ἐπιτροπὴ Ἀποκαταστάσεως διέθεσε μέχρι σήμερον ποσὸν 1.250.000 λιρῶν, ἐξ ὧν 1.500.000 διετέθησαν δι' ἀγροτικὴν ἀποκατάστασιν.

Θὰ ἐπανέλθωμεν προσεχῶς ἐπὶ τοῦ θέματος τούτου μὲ περισσοτέρας λεπτομερείας καὶ μὲ στοιχεῖα ἀκριβῆ, τὰ ὁποῖα θὰ διαφωτίσουν πλήρως τὴν κοινὴν γνώμην.

Η ΧΘΕΣΙΝΗ ΠΙΡΚΑ'Α

Χθὲς περὶ ὥραν 8 1/2 ἐξερράγη πυρκαϊὰ εἰς τὸ παραπλεύρως τῆς ὁδοῦ Ἰσραηλιτικὸν οἰκίαν. Αἱ πυροσβεστικαὶ ἀντλίαι προσέτρεξαν ἀμέσως καὶ κατέσβεσαν τὸ πῦρ πρὶν ἢ ἐπεκταθῇ εἰς τὰ γειτονικὰ κτίρια.

ΑΠΟΔΕΙΞΙΣ

Τὴν 23ην τρέχοντος κατετέθη εἰς τὸ ταμεῖον παρὰ τοῦ κ. Δημ. Μιχαηλίδου τὸ ποσὸν τῶν δραχμῶν 24 ὑπὲρ τῶν ἀπόρων προσφύγων τῆς συνοικίας. Παρακαλεῖται ὁ κ. Ταμίας ὅπως χορηγήσῃ σχετικὴν ἀπόδειξιν.
